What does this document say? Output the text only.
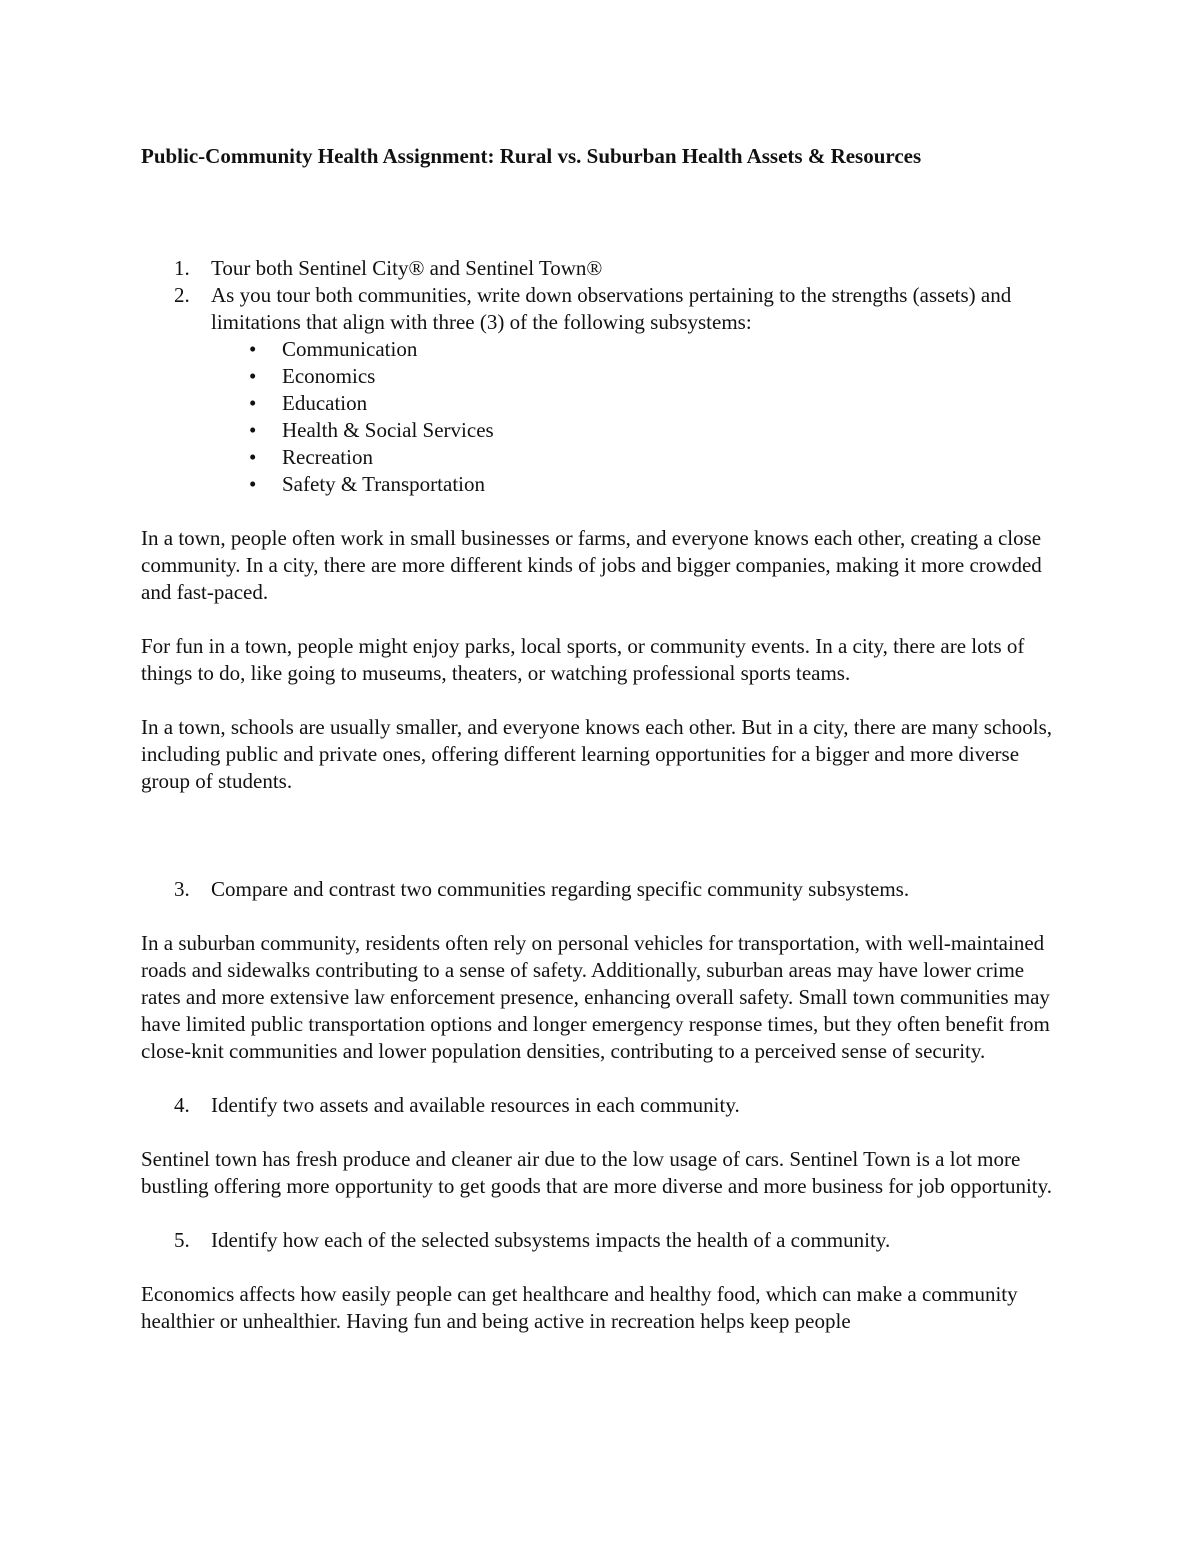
Public-Community Health Assignment: Rural vs. Suburban Health Assets & Resources
1. Tour both Sentinel City® and Sentinel Town®
2. As you tour both communities, write down observations pertaining to the strengths (assets) and limitations that align with three (3) of the following subsystems:
• Communication
• Economics
• Education
• Health & Social Services
• Recreation
• Safety & Transportation

In a town, people often work in small businesses or farms, and everyone knows each other, creating a close community. In a city, there are more different kinds of jobs and bigger companies, making it more crowded and fast-paced.

For fun in a town, people might enjoy parks, local sports, or community events. In a city, there are lots of things to do, like going to museums, theaters, or watching professional sports teams.

In a town, schools are usually smaller, and everyone knows each other. But in a city, there are many schools, including public and private ones, offering different learning opportunities for a bigger and more diverse group of students.

3. Compare and contrast two communities regarding specific community subsystems.

In a suburban community, residents often rely on personal vehicles for transportation, with well-maintained roads and sidewalks contributing to a sense of safety. Additionally, suburban areas may have lower crime rates and more extensive law enforcement presence, enhancing overall safety. Small town communities may have limited public transportation options and longer emergency response times, but they often benefit from close-knit communities and lower population densities, contributing to a perceived sense of security.

4. Identify two assets and available resources in each community.

Sentinel town has fresh produce and cleaner air due to the low usage of cars. Sentinel Town is a lot more bustling offering more opportunity to get goods that are more diverse and more business for job opportunity.

5. Identify how each of the selected subsystems impacts the health of a community.

Economics affects how easily people can get healthcare and healthy food, which can make a community healthier or unhealthier. Having fun and being active in recreation helps keep people
